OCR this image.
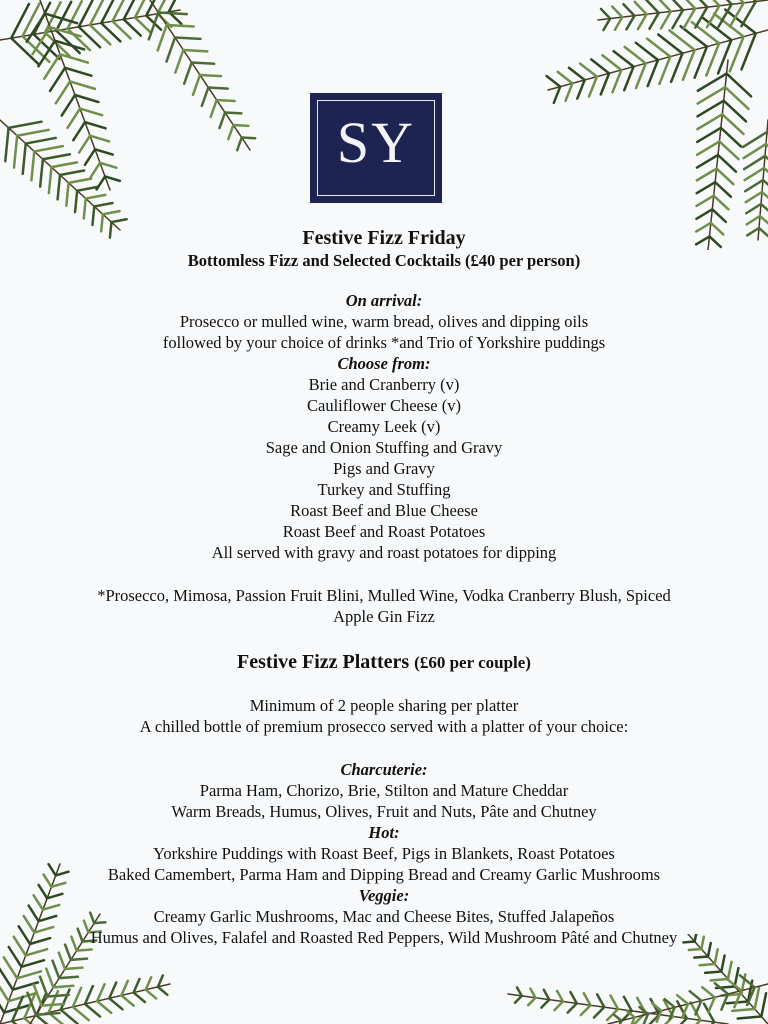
SY
Festive Fizz Friday
Bottomless Fizz and Selected Cocktails (£40 per person)
On arrival:
Prosecco or mulled wine, warm bread, olives and dipping oils
followed by your choice of drinks *and Trio of Yorkshire puddings
Choose from:
Brie and Cranberry (v)
Cauliflower Cheese (v)
Creamy Leek (v)
Sage and Onion Stuffing and Gravy
Pigs and Gravy
Turkey and Stuffing
Roast Beef and Blue Cheese
Roast Beef and Roast Potatoes
All served with gravy and roast potatoes for dipping
*Prosecco, Mimosa, Passion Fruit Blini, Mulled Wine, Vodka Cranberry Blush, Spiced
Apple Gin Fizz
Festive Fizz Platters (£60 per couple)
Minimum of 2 people sharing per platter
A chilled bottle of premium prosecco served with a platter of your choice:
Charcuterie:
Parma Ham, Chorizo, Brie, Stilton and Mature Cheddar
Warm Breads, Humus, Olives, Fruit and Nuts, Pâte and Chutney
Hot:
Yorkshire Puddings with Roast Beef, Pigs in Blankets, Roast Potatoes
Baked Camembert, Parma Ham and Dipping Bread and Creamy Garlic Mushrooms
Veggie:
Creamy Garlic Mushrooms, Mac and Cheese Bites, Stuffed Jalapeños
Humus and Olives, Falafel and Roasted Red Peppers, Wild Mushroom Pâté and Chutney
